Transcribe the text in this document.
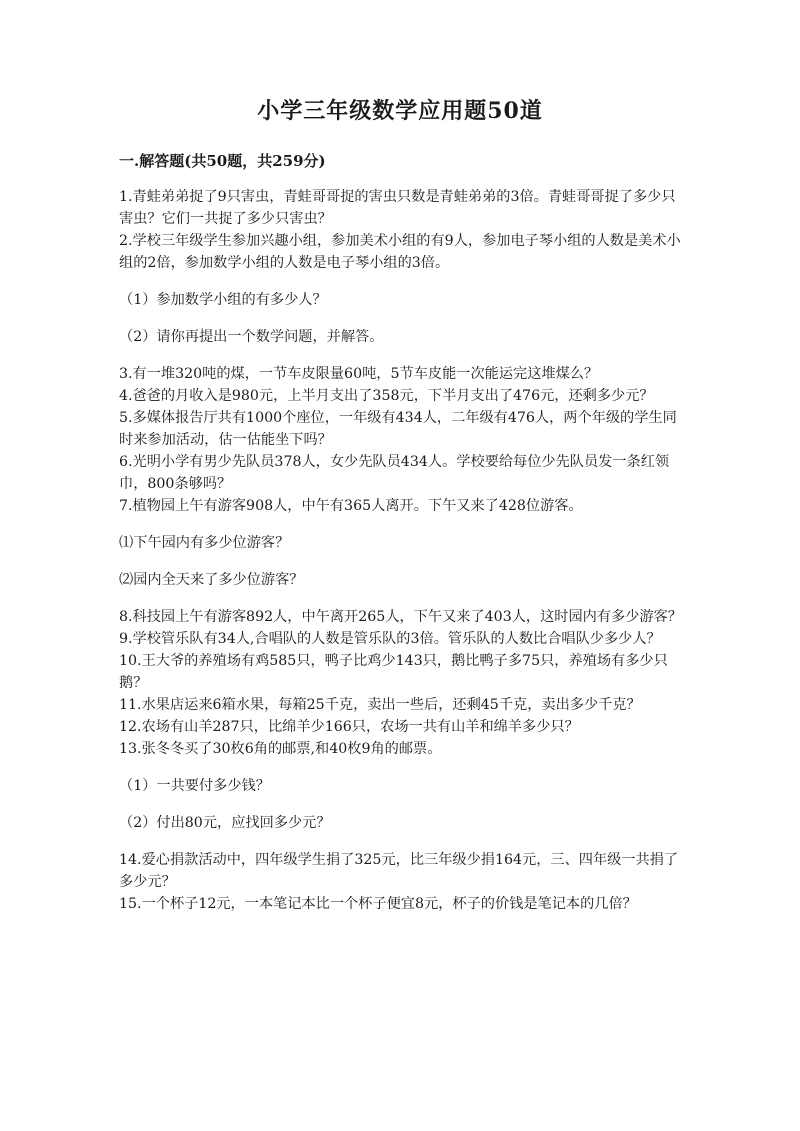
小学三年级数学应用题50道
一.解答题(共50题，共259分)

1.青蛙弟弟捉了9只害虫，青蛙哥哥捉的害虫只数是青蛙弟弟的3倍。青蛙哥哥捉了多少只害虫？它们一共捉了多少只害虫？

2.学校三年级学生参加兴趣小组，参加美术小组的有9人，参加电子琴小组的人数是美术小组的2倍，参加数学小组的人数是电子琴小组的3倍。

（1）参加数学小组的有多少人？

（2）请你再提出一个数学问题，并解答。

3.有一堆320吨的煤，一节车皮限量60吨，5节车皮能一次能运完这堆煤么？

4.爸爸的月收入是980元，上半月支出了358元，下半月支出了476元，还剩多少元？

5.多媒体报告厅共有1000个座位，一年级有434人，二年级有476人，两个年级的学生同时来参加活动，估一估能坐下吗？

6.光明小学有男少先队员378人，女少先队员434人。学校要给每位少先队员发一条红领巾，800条够吗？

7.植物园上午有游客908人，中午有365人离开。下午又来了428位游客。

⑴下午园内有多少位游客？

⑵园内全天来了多少位游客？

8.科技园上午有游客892人，中午离开265人，下午又来了403人，这时园内有多少游客？

9.学校管乐队有34人,合唱队的人数是管乐队的3倍。管乐队的人数比合唱队少多少人？

10.王大爷的养殖场有鸡585只，鸭子比鸡少143只，鹅比鸭子多75只，养殖场有多少只鹅？

11.水果店运来6箱水果，每箱25千克，卖出一些后，还剩45千克，卖出多少千克？

12.农场有山羊287只，比绵羊少166只，农场一共有山羊和绵羊多少只？

13.张冬冬买了30枚6角的邮票,和40枚9角的邮票。

（1）一共要付多少钱？

（2）付出80元，应找回多少元？

14.爱心捐款活动中，四年级学生捐了325元，比三年级少捐164元，三、四年级一共捐了多少元？

15.一个杯子12元，一本笔记本比一个杯子便宜8元，杯子的价钱是笔记本的几倍？
